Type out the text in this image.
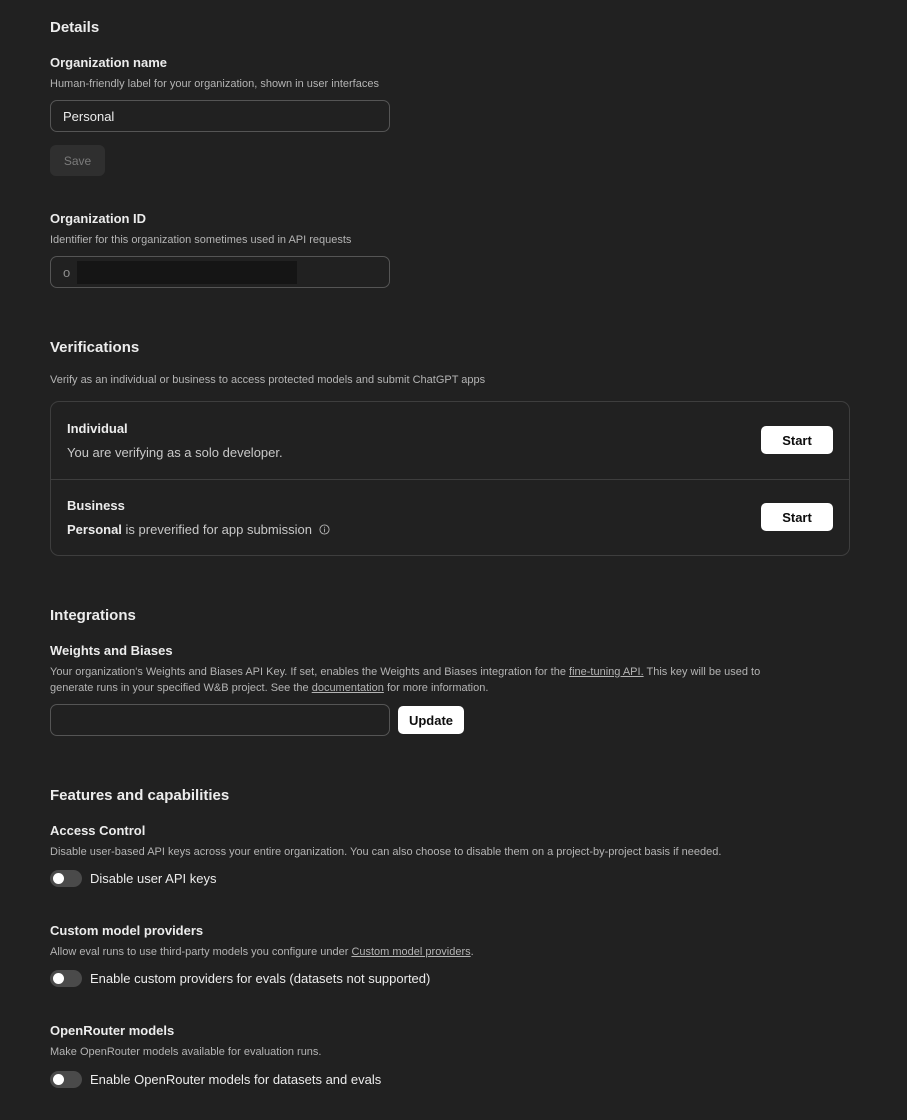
Details
Organization name
Human-friendly label for your organization, shown in user interfaces
Personal
Save
Organization ID
Identifier for this organization sometimes used in API requests
o
Verifications
Verify as an individual or business to access protected models and submit ChatGPT apps
Individual
You are verifying as a solo developer.
Start
Business
Personal is preverified for app submission
Start
Integrations
Weights and Biases
Your organization's Weights and Biases API Key. If set, enables the Weights and Biases integration for the fine-tuning API. This key will be used to
generate runs in your specified W&B project. See the documentation for more information.
Update
Features and capabilities
Access Control
Disable user-based API keys across your entire organization. You can also choose to disable them on a project-by-project basis if needed.
Disable user API keys
Custom model providers
Allow eval runs to use third-party models you configure under Custom model providers.
Enable custom providers for evals (datasets not supported)
OpenRouter models
Make OpenRouter models available for evaluation runs.
Enable OpenRouter models for datasets and evals
